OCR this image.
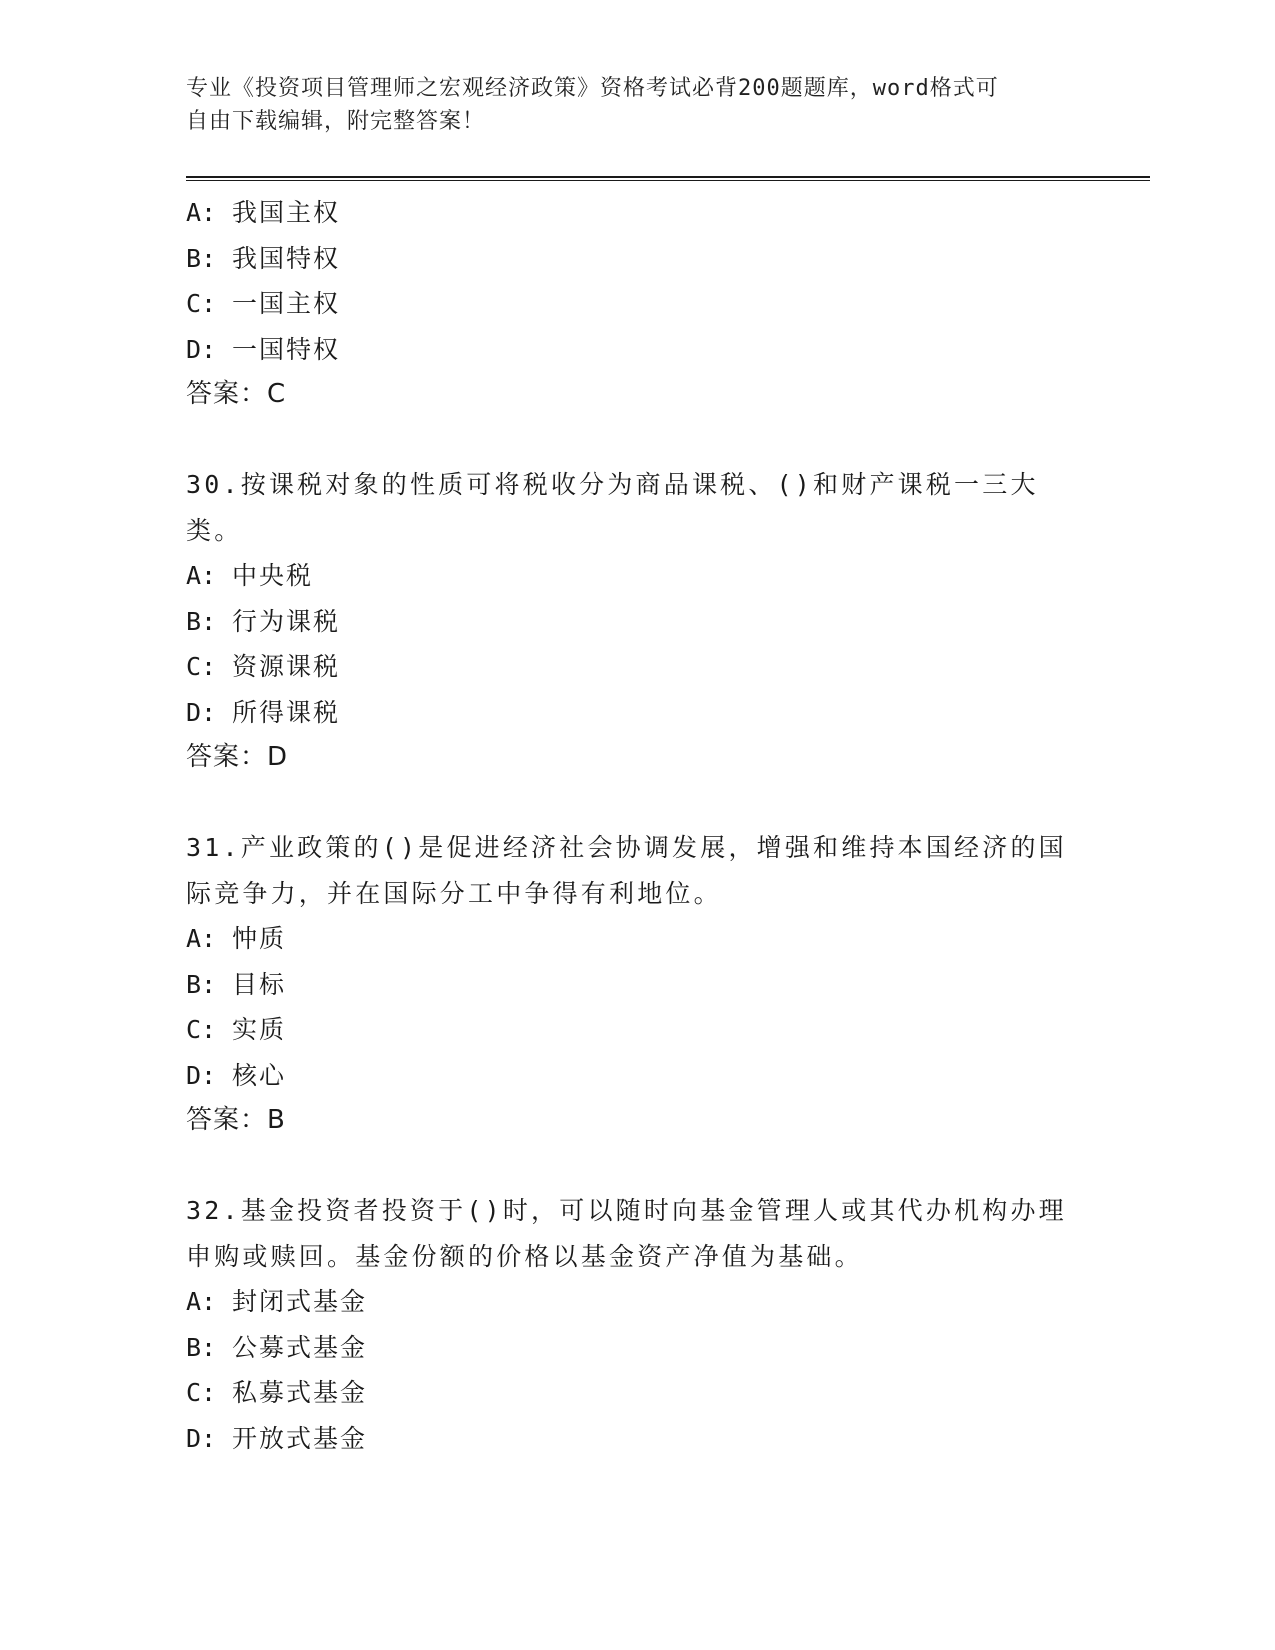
专业《投资项目管理师之宏观经济政策》资格考试必背200题题库，word格式可
自由下载编辑，附完整答案！
A: 我国主权
B: 我国特权
C: 一国主权
D: 一国特权
答案：C
30.按课税对象的性质可将税收分为商品课税、()和财产课税一三大类。
A: 中央税
B: 行为课税
C: 资源课税
D: 所得课税
答案：D
31.产业政策的()是促进经济社会协调发展，增强和维持本国经济的国际竞争力，并在国际分工中争得有利地位。
A: 忡质
B: 目标
C: 实质
D: 核心
答案：B
32.基金投资者投资于()时，可以随时向基金管理人或其代办机构办理申购或赎回。基金份额的价格以基金资产净值为基础。
A: 封闭式基金
B: 公募式基金
C: 私募式基金
D: 开放式基金
